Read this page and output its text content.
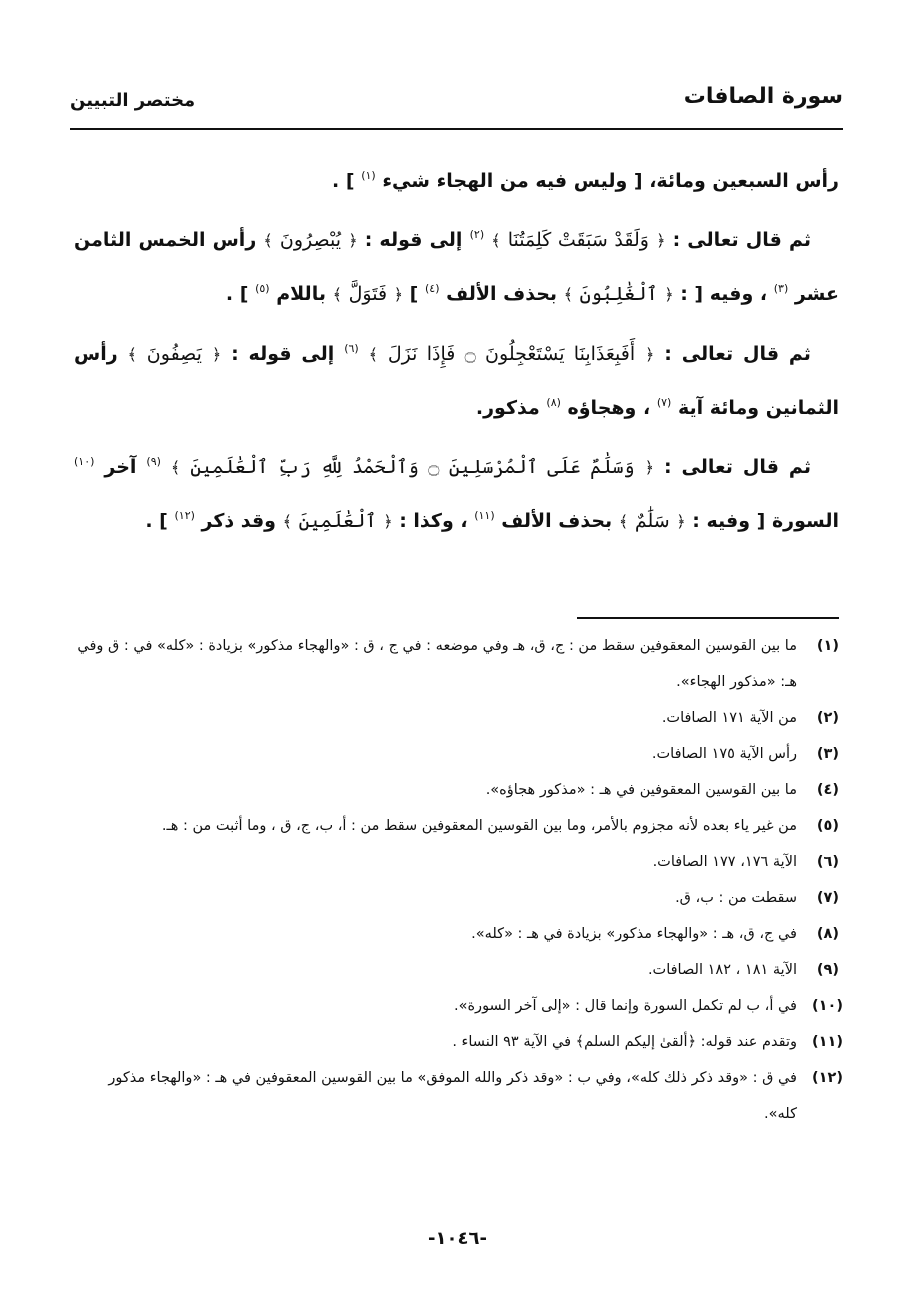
سورة الصافات
مختصر التبيين

رأس السبعين ومائة، [ وليس فيه من الهجاء شيء $^{(١)}$ ] .

ثم قال تعالى : ﴿ وَلَقَدْ سَبَقَتْ كَلِمَتُنَا ﴾ $^{(٢)}$ إلى قوله : ﴿ يُبْصِرُونَ ﴾ رأس الخمس الثامن عشر $^{(٣)}$ ، وفيه [ : ﴿ ٱلْغَٰلِبُونَ ﴾ بحذف الألف $^{(٤)}$ ] ﴿ فَتَوَلَّ ﴾ باللام $^{(٥)}$ ] .

ثم قال تعالى : ﴿ أَفَبِعَذَابِنَا يَسْتَعْجِلُونَ ۝ فَإِذَا نَزَلَ ﴾ $^{(٦)}$ إلى قوله : ﴿ يَصِفُونَ ﴾ رأس الثمانين ومائة آية $^{(٧)}$ ، وهجاؤه $^{(٨)}$ مذكور.

ثم قال تعالى : ﴿ وَسَلَٰمٌ عَلَى ٱلْمُرْسَلِينَ ۝ وَٱلْحَمْدُ لِلَّهِ رَبِّ ٱلْعَٰلَمِينَ ﴾ $^{(٩)}$ آخر $^{(١٠)}$ السورة [ وفيه : ﴿ سَلَٰمٌ ﴾ بحذف الألف $^{(١١)}$ ، وكذا : ﴿ ٱلْعَٰلَمِينَ ﴾ وقد ذكر $^{(١٢)}$ ] .

(١)
ما بين القوسين المعقوفين سقط من : ج، ق، هـ وفي موضعه : في ج ، ق : «والهجاء مذكور» بزيادة : «كله» في : ق وفي هـ: «مذكور الهجاء».
(٢)
من الآية ١٧١ الصافات.
(٣)
رأس الآية ١٧٥ الصافات.
(٤)
ما بين القوسين المعقوفين في هـ : «مذكور هجاؤه».
(٥)
من غير ياء بعده لأنه مجزوم بالأمر، وما بين القوسين المعقوفين سقط من : أ، ب، ج، ق ، وما أثبت من : هـ.
(٦)
الآية ١٧٦، ١٧٧ الصافات.
(٧)
سقطت من : ب، ق.
(٨)
في ج، ق، هـ : «والهجاء مذكور» بزيادة في هـ : «كله».
(٩)
الآية ١٨١ ، ١٨٢ الصافات.
(١٠)
في أ، ب لم تكمل السورة وإنما قال : «إلى آخر السورة».
(١١)
وتقدم عند قوله: ﴿ألقىٰ إليكم السلم﴾ في الآية ٩٣ النساء .
(١٢)
في ق : «وقد ذكر ذلك كله»، وفي ب : «وقد ذكر والله الموفق» ما بين القوسين المعقوفين في هـ : «والهجاء مذكور كله».
-١٠٤٦-
